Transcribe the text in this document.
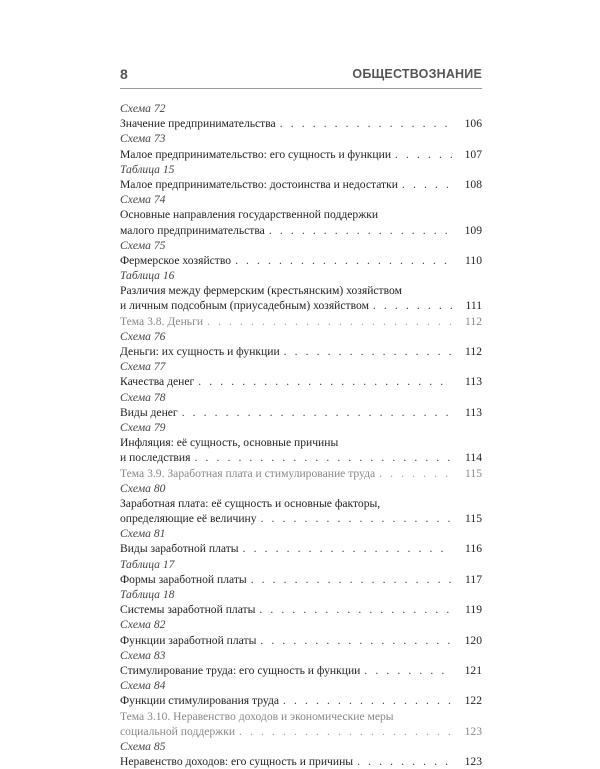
8	ОБЩЕСТВОЗНАНИЕ
Схема 72
Значение предпринимательства . . .	106
Схема 73
Малое предпринимательство: его сущность и функции . . .	107
Таблица 15
Малое предпринимательство: достоинства и недостатки . . .	108
Схема 74
Основные направления государственной поддержки
малого предпринимательства . . .	109
Схема 75
Фермерское хозяйство . . .	110
Таблица 16
Различия между фермерским (крестьянским) хозяйством
и личным подсобным (приусадебным) хозяйством . . .	111
Тема 3.8. Деньги . . .	112
Схема 76
Деньги: их сущность и функции . . .	112
Схема 77
Качества денег . . .	113
Схема 78
Виды денег . . .	113
Схема 79
Инфляция: её сущность, основные причины
и последствия . . .	114
Тема 3.9. Заработная плата и стимулирование труда . . .	115
Схема 80
Заработная плата: её сущность и основные факторы,
определяющие её величину . . .	115
Схема 81
Виды заработной платы . . .	116
Таблица 17
Формы заработной платы . . .	117
Таблица 18
Системы заработной платы . . .	119
Схема 82
Функции заработной платы . . .	120
Схема 83
Стимулирование труда: его сущность и функции . . .	121
Схема 84
Функции стимулирования труда . . .	122
Тема 3.10. Неравенство доходов и экономические меры
социальной поддержки . . .	123
Схема 85
Неравенство доходов: его сущность и причины . . .	123
